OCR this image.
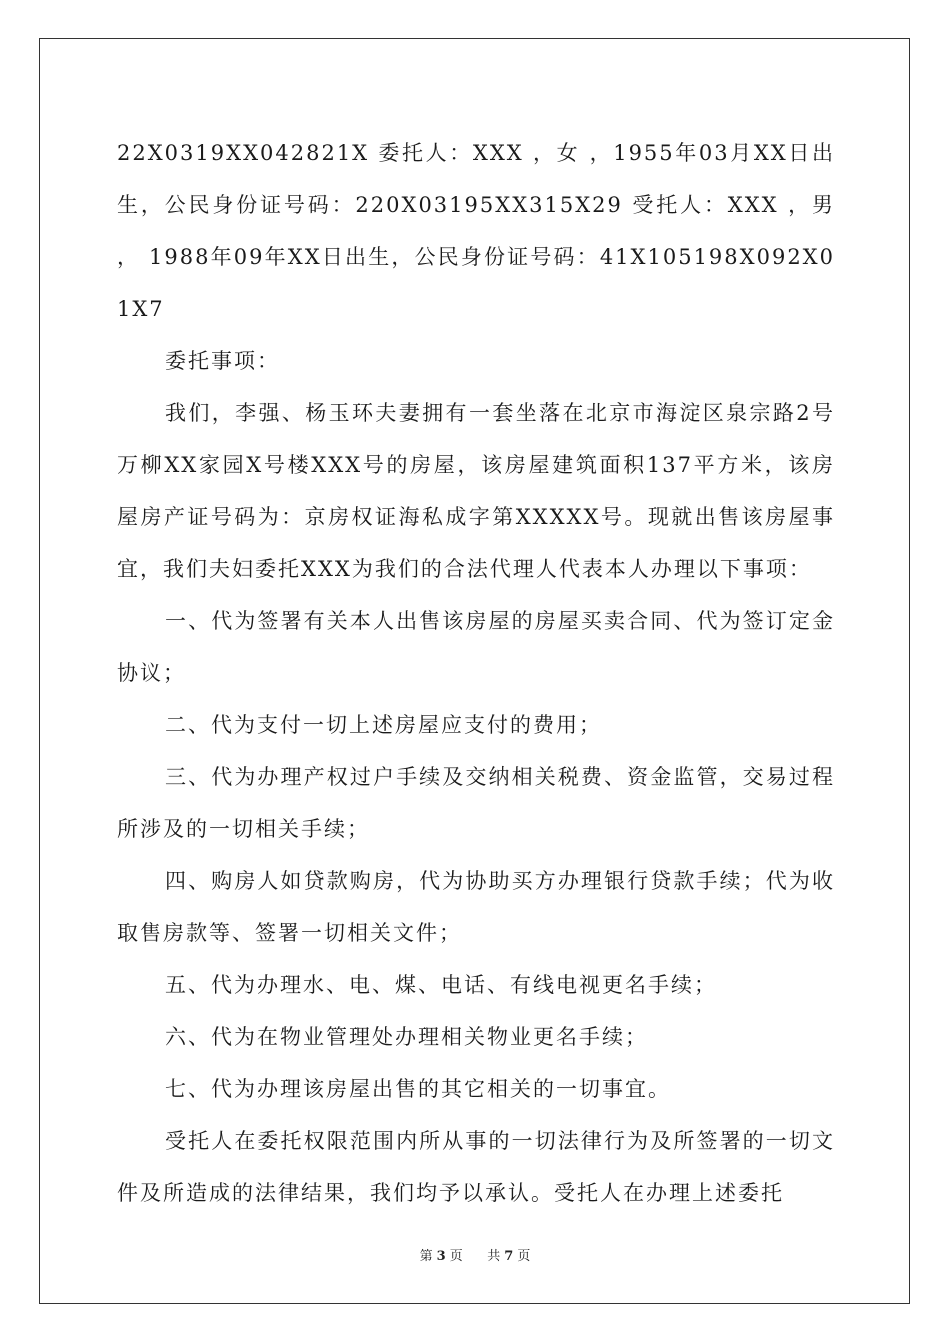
22X0319XX042821X 委托人：XXX ，女 ，1955年03月XX日出生，公民身份证号码：220X03195XX315X29 受托人：XXX ，男 ， 1988年09年XX日出生，公民身份证号码：41X105198X092X01X7

委托事项：

我们，李强、杨玉环夫妻拥有一套坐落在北京市海淀区泉宗路2号万柳XX家园X号楼XXX号的房屋，该房屋建筑面积137平方米，该房屋房产证号码为：京房权证海私成字第XXXXX号。现就出售该房屋事宜，我们夫妇委托XXX为我们的合法代理人代表本人办理以下事项：

一、代为签署有关本人出售该房屋的房屋买卖合同、代为签订定金协议；

二、代为支付一切上述房屋应支付的费用；

三、代为办理产权过户手续及交纳相关税费、资金监管，交易过程所涉及的一切相关手续；

四、购房人如贷款购房，代为协助买方办理银行贷款手续；代为收取售房款等、签署一切相关文件；

五、代为办理水、电、煤、电话、有线电视更名手续；

六、代为在物业管理处办理相关物业更名手续；

七、代为办理该房屋出售的其它相关的一切事宜。

受托人在委托权限范围内所从事的一切法律行为及所签署的一切文件及所造成的法律结果，我们均予以承认。受托人在办理上述委托

第 3 页 共 7 页
